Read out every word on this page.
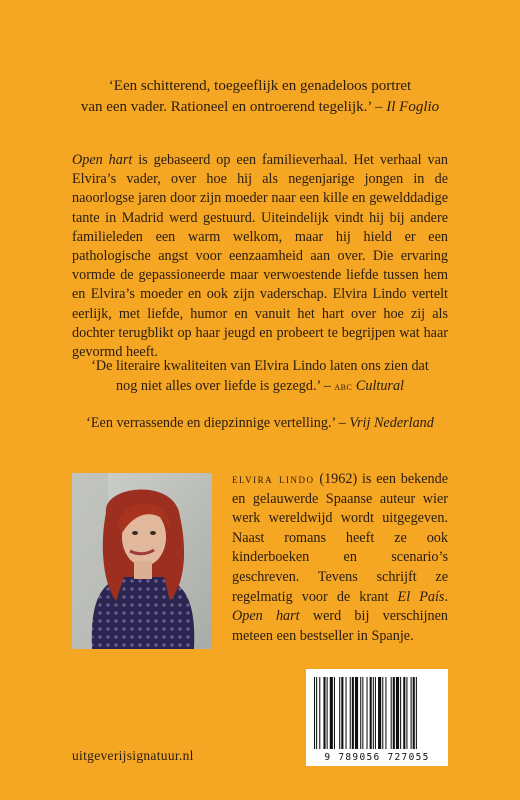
‘Een schitterend, toegeeflijk en genadeloos portret
van een vader. Rationeel en ontroerend tegelijk.’ – Il Foglio

Open hart is gebaseerd op een familieverhaal. Het verhaal van Elvira’s vader, over hoe hij als negenjarige jongen in de naoorlogse jaren door zijn moeder naar een kille en gewelddadige tante in Madrid werd gestuurd. Uiteindelijk vindt hij bij andere familieleden een warm welkom, maar hij hield er een pathologische angst voor eenzaamheid aan over. Die ervaring vormde de gepassioneerde maar verwoestende liefde tussen hem en Elvira’s moeder en ook zijn vaderschap. Elvira Lindo vertelt eerlijk, met liefde, humor en vanuit het hart over hoe zij als dochter terugblikt op haar jeugd en probeert te begrijpen wat haar gevormd heeft.

‘De literaire kwaliteiten van Elvira Lindo laten ons zien dat

nog niet alles over liefde is gezegd.’ – abc Cultural

‘Een verrassende en diepzinnige vertelling.’ – Vrij Nederland

elvira lindo (1962) is een bekende en gelauwerde Spaanse auteur wier werk wereldwijd wordt uitgegeven. Naast romans heeft ze ook kinderboeken en scenario’s geschreven. Tevens schrijft ze regelmatig voor de krant El País. Open hart werd bij verschijnen meteen een bestseller in Spanje.

9 789056 727055
uitgeverijsignatuur.nl
